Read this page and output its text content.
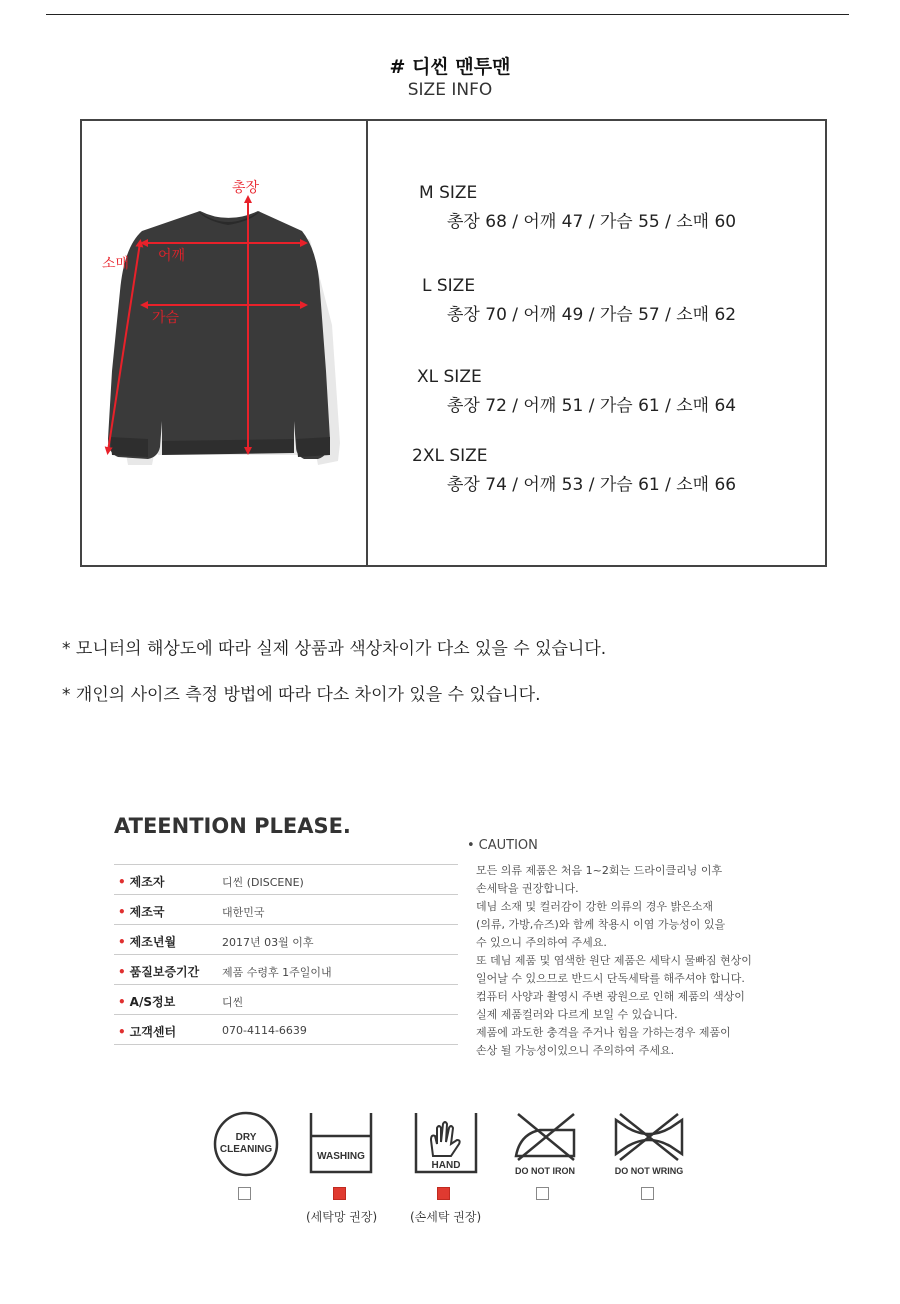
# 디씬 맨투맨
SIZE INFO
총장
소매 어깨
가슴
M SIZE
총장 68 / 어깨 47 / 가슴 55 / 소매 60
L SIZE
총장 70 / 어깨 49 / 가슴 57 / 소매 62
XL SIZE
총장 72 / 어깨 51 / 가슴 61 / 소매 64
2XL SIZE
총장 74 / 어깨 53 / 가슴 61 / 소매 66
* 모니터의 해상도에 따라 실제 상품과 색상차이가 다소 있을 수 있습니다.
* 개인의 사이즈 측정 방법에 따라 다소 차이가 있을 수 있습니다.
ATEENTION PLEASE.
• 제조자	디씬 (DISCENE)
• 제조국	대한민국
• 제조년월	2017년 03월 이후
• 품질보증기간 제품 수령후 1주일이내
• A/S정보	디씬
• 고객센터	070-4114-6639
• CAUTION
모든 의류 제품은 처음 1~2회는 드라이클리닝 이후
손세탁을 권장합니다.
데님 소재 및 컬러감이 강한 의류의 경우 밝은소재
(의류, 가방,슈즈)와 함께 착용시 이염 가능성이 있을
수 있으니 주의하여 주세요.
또 데님 제품 및 염색한 원단 제품은 세탁시 물빠짐 현상이
일어날 수 있으므로 반드시 단독세탁를 해주셔야 합니다.
컴퓨터 사양과 촬영시 주변 광원으로 인해 제품의 색상이
실제 제품컬러와 다르게 보일 수 있습니다.
제품에 과도한 충격을 주거나 힘을 가하는경우 제품이
손상 될 가능성이있으니 주의하여 주세요.
DRY
CLEANING
WASHING
HAND	DO NOT IRON	DO NOT WRING
(세탁망 권장)	(손세탁 권장)
